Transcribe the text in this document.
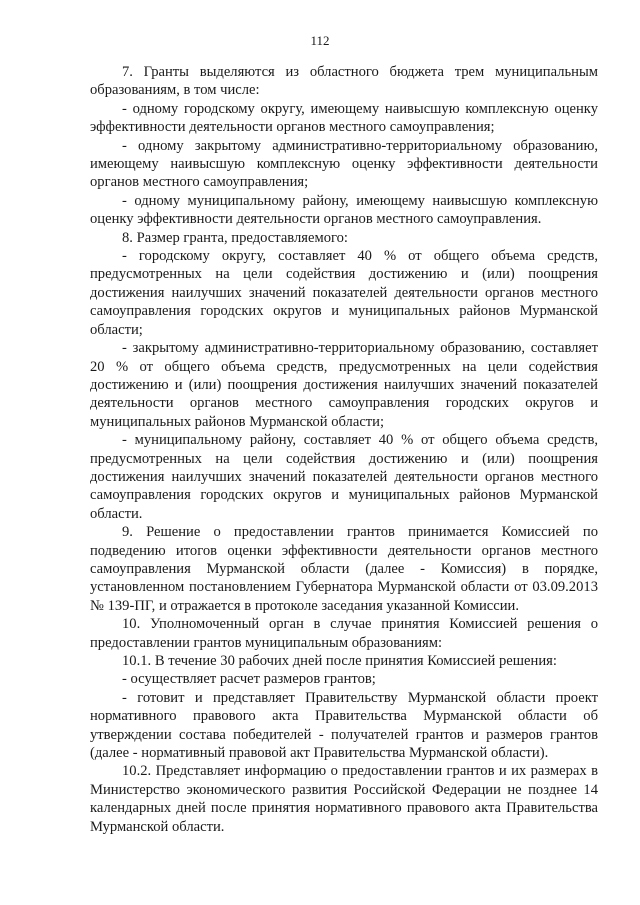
112

7. Гранты выделяются из областного бюджета трем муниципальным образованиям, в том числе:

- одному городскому округу, имеющему наивысшую комплексную оценку эффективности деятельности органов местного самоуправления;

- одному закрытому административно-территориальному образованию, имеющему наивысшую комплексную оценку эффективности деятельности органов местного самоуправления;

- одному муниципальному району, имеющему наивысшую комплексную оценку эффективности деятельности органов местного самоуправления.

8. Размер гранта, предоставляемого:

- городскому округу, составляет 40 % от общего объема средств, предусмотренных на цели содействия достижению и (или) поощрения достижения наилучших значений показателей деятельности органов местного самоуправления городских округов и муниципальных районов Мурманской области;

- закрытому административно-территориальному образованию, составляет 20 % от общего объема средств, предусмотренных на цели содействия достижению и (или) поощрения достижения наилучших значений показателей деятельности органов местного самоуправления городских округов и муниципальных районов Мурманской области;

- муниципальному району, составляет 40 % от общего объема средств, предусмотренных на цели содействия достижению и (или) поощрения достижения наилучших значений показателей деятельности органов местного самоуправления городских округов и муниципальных районов Мурманской области.

9. Решение о предоставлении грантов принимается Комиссией по подведению итогов оценки эффективности деятельности органов местного самоуправления Мурманской области (далее - Комиссия) в порядке, установленном постановлением Губернатора Мурманской области от 03.09.2013 № 139-ПГ, и отражается в протоколе заседания указанной Комиссии.

10. Уполномоченный орган в случае принятия Комиссией решения о предоставлении грантов муниципальным образованиям:

10.1. В течение 30 рабочих дней после принятия Комиссией решения:

- осуществляет расчет размеров грантов;

- готовит и представляет Правительству Мурманской области проект нормативного правового акта Правительства Мурманской области об утверждении состава победителей - получателей грантов и размеров грантов (далее - нормативный правовой акт Правительства Мурманской области).

10.2. Представляет информацию о предоставлении грантов и их размерах в Министерство экономического развития Российской Федерации не позднее 14 календарных дней после принятия нормативного правового акта Правительства Мурманской области.
